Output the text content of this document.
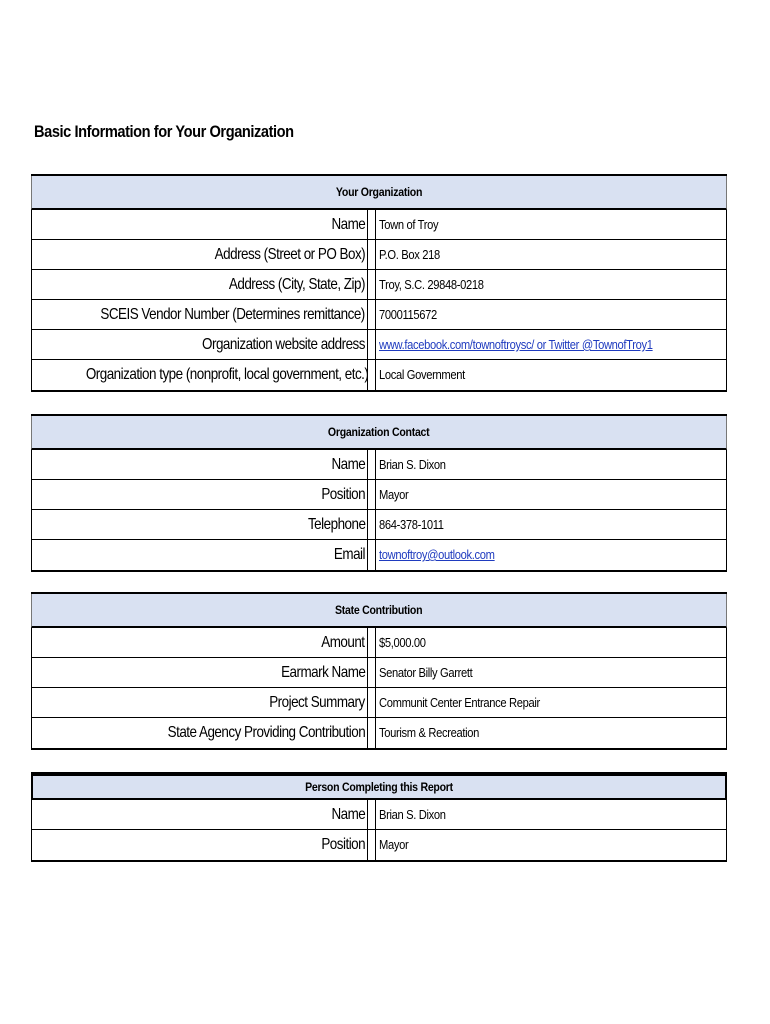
Basic Information for Your Organization
Your Organization
Name Town of Troy
Address (Street or PO Box) P.O. Box 218
Address (City, State, Zip) Troy, S.C. 29848-0218
SCEIS Vendor Number (Determines remittance) 7000115672
Organization website address www.facebook.com/townoftroysc/ or Twitter @TownofTroy1
Organization type (nonprofit, local government, etc.) Local Government
Organization Contact
Name Brian S. Dixon
Position Mayor
Telephone 864-378-1011
Email townoftroy@outlook.com
State Contribution
Amount $5,000.00
Earmark Name Senator Billy Garrett
Project Summary Communit Center Entrance Repair
State Agency Providing Contribution Tourism & Recreation
Person Completing this Report
Name Brian S. Dixon
Position Mayor
